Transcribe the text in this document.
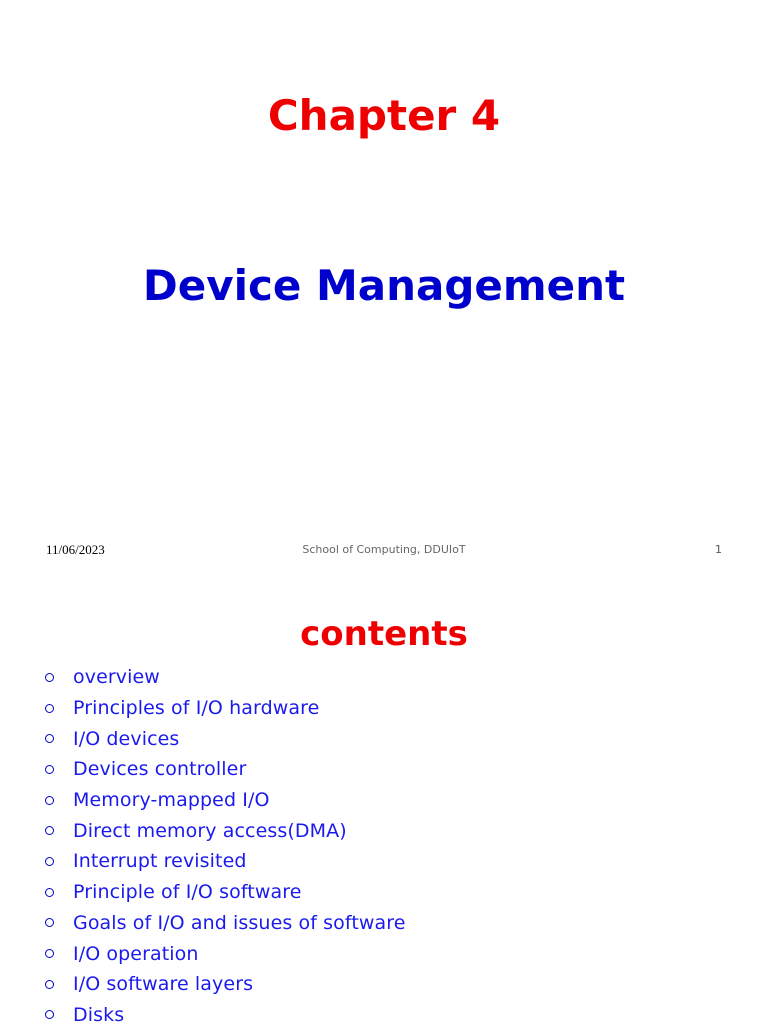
Chapter 4
Device Management
11/06/2023	School of Computing, DDUIoT	1
contents
overview
Principles of I/O hardware
I/O devices
Devices controller
Memory-mapped I/O
Direct memory access(DMA)
Interrupt revisited
Principle of I/O software
Goals of I/O and issues of software
I/O operation
I/O software layers
Disks
